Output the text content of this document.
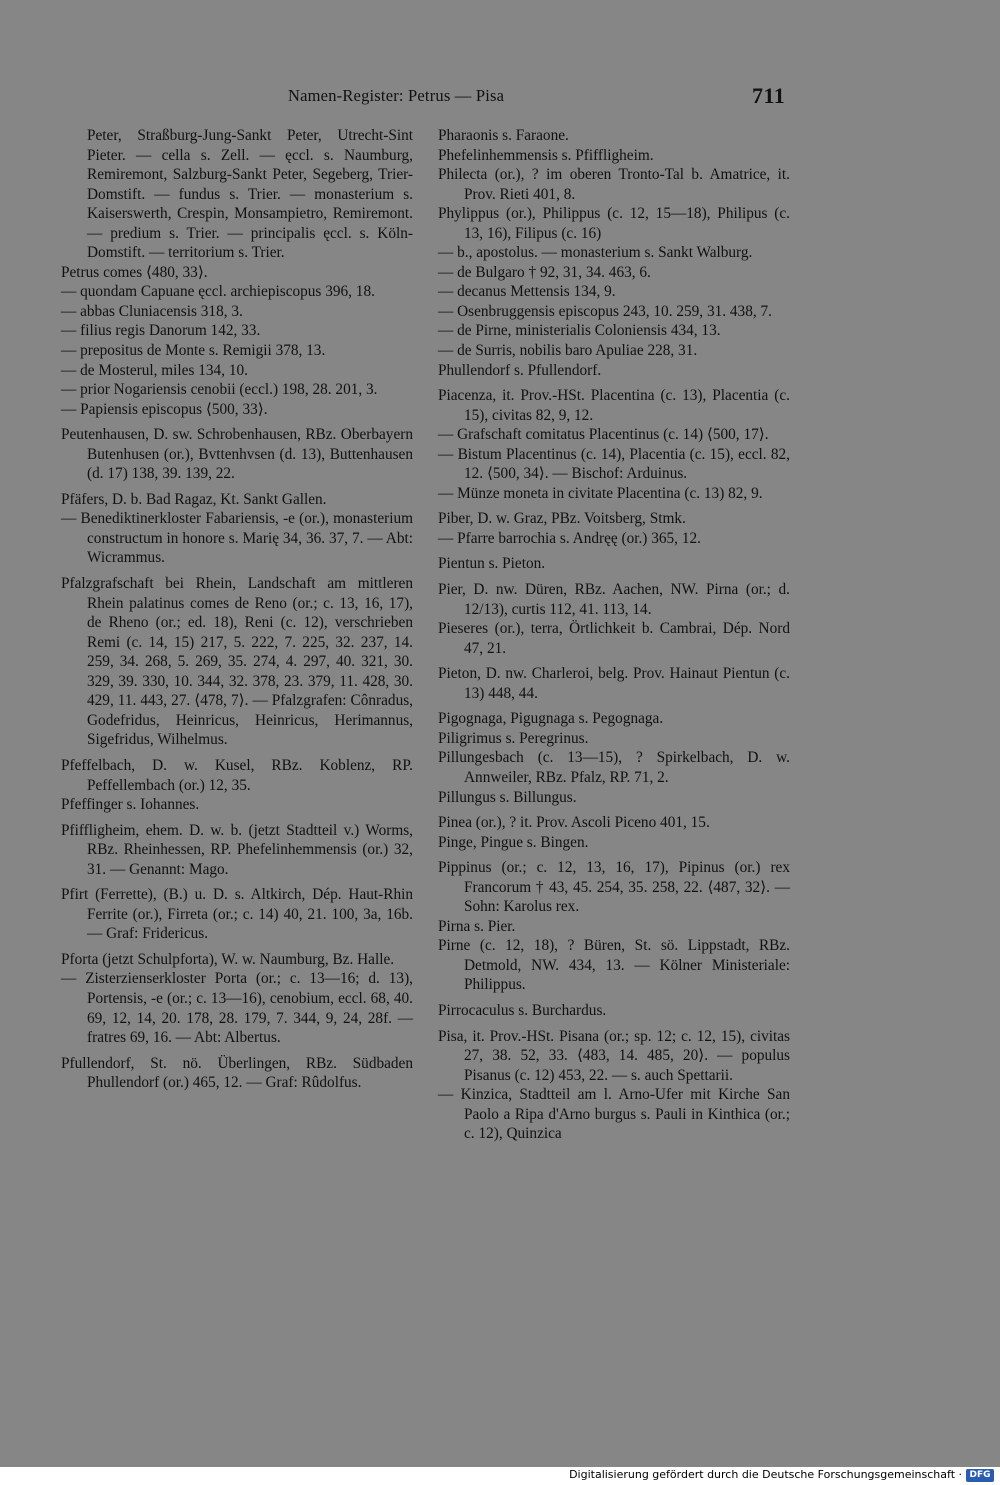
Namen-Register: Petrus — Pisa	711
Peter, Straßburg-Jung-Sankt Peter, Utrecht-Sint Pieter. — cella s. Zell. — ęccl. s. Naumburg, Remiremont, Salzburg-Sankt Peter, Segeberg, Trier-Domstift. — fundus s. Trier. — monasterium s. Kaiserswerth, Crespin, Monsampietro, Remiremont. — predium s. Trier. — principalis ęccl. s. Köln-Domstift. — territorium s. Trier.
Petrus comes ⟨480, 33⟩.
— quondam Capuane ęccl. archiepiscopus 396, 18.
— abbas Cluniacensis 318, 3.
— filius regis Danorum 142, 33.
— prepositus de Monte s. Remigii 378, 13.
— de Mosterul, miles 134, 10.
— prior Nogariensis cenobii (eccl.) 198, 28. 201, 3.
— Papiensis episcopus ⟨500, 33⟩.
Peutenhausen, D. sw. Schrobenhausen, RBz. Oberbayern Butenhusen (or.), Bvttenhvsen (d. 13), Buttenhausen (d. 17) 138, 39. 139, 22.
Pfäfers, D. b. Bad Ragaz, Kt. Sankt Gallen.
— Benediktinerkloster Fabariensis, -e (or.), monasterium constructum in honore s. Marię 34, 36. 37, 7. — Abt: Wicrammus.
Pfalzgrafschaft bei Rhein, Landschaft am mittleren Rhein palatinus comes de Reno (or.; c. 13, 16, 17), de Rheno (or.; ed. 18), Reni (c. 12), verschrieben Remi (c. 14, 15) 217, 5. 222, 7. 225, 32. 237, 14. 259, 34. 268, 5. 269, 35. 274, 4. 297, 40. 321, 30. 329, 39. 330, 10. 344, 32. 378, 23. 379, 11. 428, 30. 429, 11. 443, 27. ⟨478, 7⟩. — Pfalzgrafen: Cônradus, Godefridus, Heinricus, Heinricus, Herimannus, Sigefridus, Wilhelmus.
Pfeffelbach, D. w. Kusel, RBz. Koblenz, RP. Peffellembach (or.) 12, 35.
Pfeffinger s. Iohannes.
Pfiffligheim, ehem. D. w. b. (jetzt Stadtteil v.) Worms, RBz. Rheinhessen, RP. Phefelinhemmensis (or.) 32, 31. — Genannt: Mago.
Pfirt (Ferrette), (B.) u. D. s. Altkirch, Dép. Haut-Rhin Ferrite (or.), Firreta (or.; c. 14) 40, 21. 100, 3a, 16b. — Graf: Fridericus.
Pforta (jetzt Schulpforta), W. w. Naumburg, Bz. Halle.
— Zisterzienserkloster Porta (or.; c. 13—16; d. 13), Portensis, -e (or.; c. 13—16), cenobium, eccl. 68, 40. 69, 12, 14, 20. 178, 28. 179, 7. 344, 9, 24, 28f. — fratres 69, 16. — Abt: Albertus.
Pfullendorf, St. nö. Überlingen, RBz. Südbaden Phullendorf (or.) 465, 12. — Graf: Rûdolfus.
Pharaonis s. Faraone.
Phefelinhemmensis s. Pfiffligheim.
Philecta (or.), ? im oberen Tronto-Tal b. Amatrice, it. Prov. Rieti 401, 8.
Phylippus (or.), Philippus (c. 12, 15—18), Philipus (c. 13, 16), Filipus (c. 16)
— b., apostolus. — monasterium s. Sankt Walburg.
— de Bulgaro † 92, 31, 34. 463, 6.
— decanus Mettensis 134, 9.
— Osenbruggensis episcopus 243, 10. 259, 31. 438, 7.
— de Pirne, ministerialis Coloniensis 434, 13.
— de Surris, nobilis baro Apuliae 228, 31.
Phullendorf s. Pfullendorf.
Piacenza, it. Prov.-HSt. Placentina (c. 13), Placentia (c. 15), civitas 82, 9, 12.
— Grafschaft comitatus Placentinus (c. 14) ⟨500, 17⟩.
— Bistum Placentinus (c. 14), Placentia (c. 15), eccl. 82, 12. ⟨500, 34⟩. — Bischof: Arduinus.
— Münze moneta in civitate Placentina (c. 13) 82, 9.
Piber, D. w. Graz, PBz. Voitsberg, Stmk.
— Pfarre barrochia s. Andręę (or.) 365, 12.
Pientun s. Pieton.
Pier, D. nw. Düren, RBz. Aachen, NW. Pirna (or.; d. 12/13), curtis 112, 41. 113, 14.
Pieseres (or.), terra, Örtlichkeit b. Cambrai, Dép. Nord 47, 21.
Pieton, D. nw. Charleroi, belg. Prov. Hainaut Pientun (c. 13) 448, 44.
Pigognaga, Pigugnaga s. Pegognaga.
Piligrimus s. Peregrinus.
Pillungesbach (c. 13—15), ? Spirkelbach, D. w. Annweiler, RBz. Pfalz, RP. 71, 2.
Pillungus s. Billungus.
Pinea (or.), ? it. Prov. Ascoli Piceno 401, 15.
Pinge, Pingue s. Bingen.
Pippinus (or.; c. 12, 13, 16, 17), Pipinus (or.) rex Francorum † 43, 45. 254, 35. 258, 22. ⟨487, 32⟩. — Sohn: Karolus rex.
Pirna s. Pier.
Pirne (c. 12, 18), ? Büren, St. sö. Lippstadt, RBz. Detmold, NW. 434, 13. — Kölner Ministeriale: Philippus.
Pirrocaculus s. Burchardus.
Pisa, it. Prov.-HSt. Pisana (or.; sp. 12; c. 12, 15), civitas 27, 38. 52, 33. ⟨483, 14. 485, 20⟩. — populus Pisanus (c. 12) 453, 22. — s. auch Spettarii.
— Kinzica, Stadtteil am l. Arno-Ufer mit Kirche San Paolo a Ripa d'Arno burgus s. Pauli in Kinthica (or.; c. 12), Quinzica
Digitalisierung gefördert durch die Deutsche Forschungsgemeinschaft · DFG
